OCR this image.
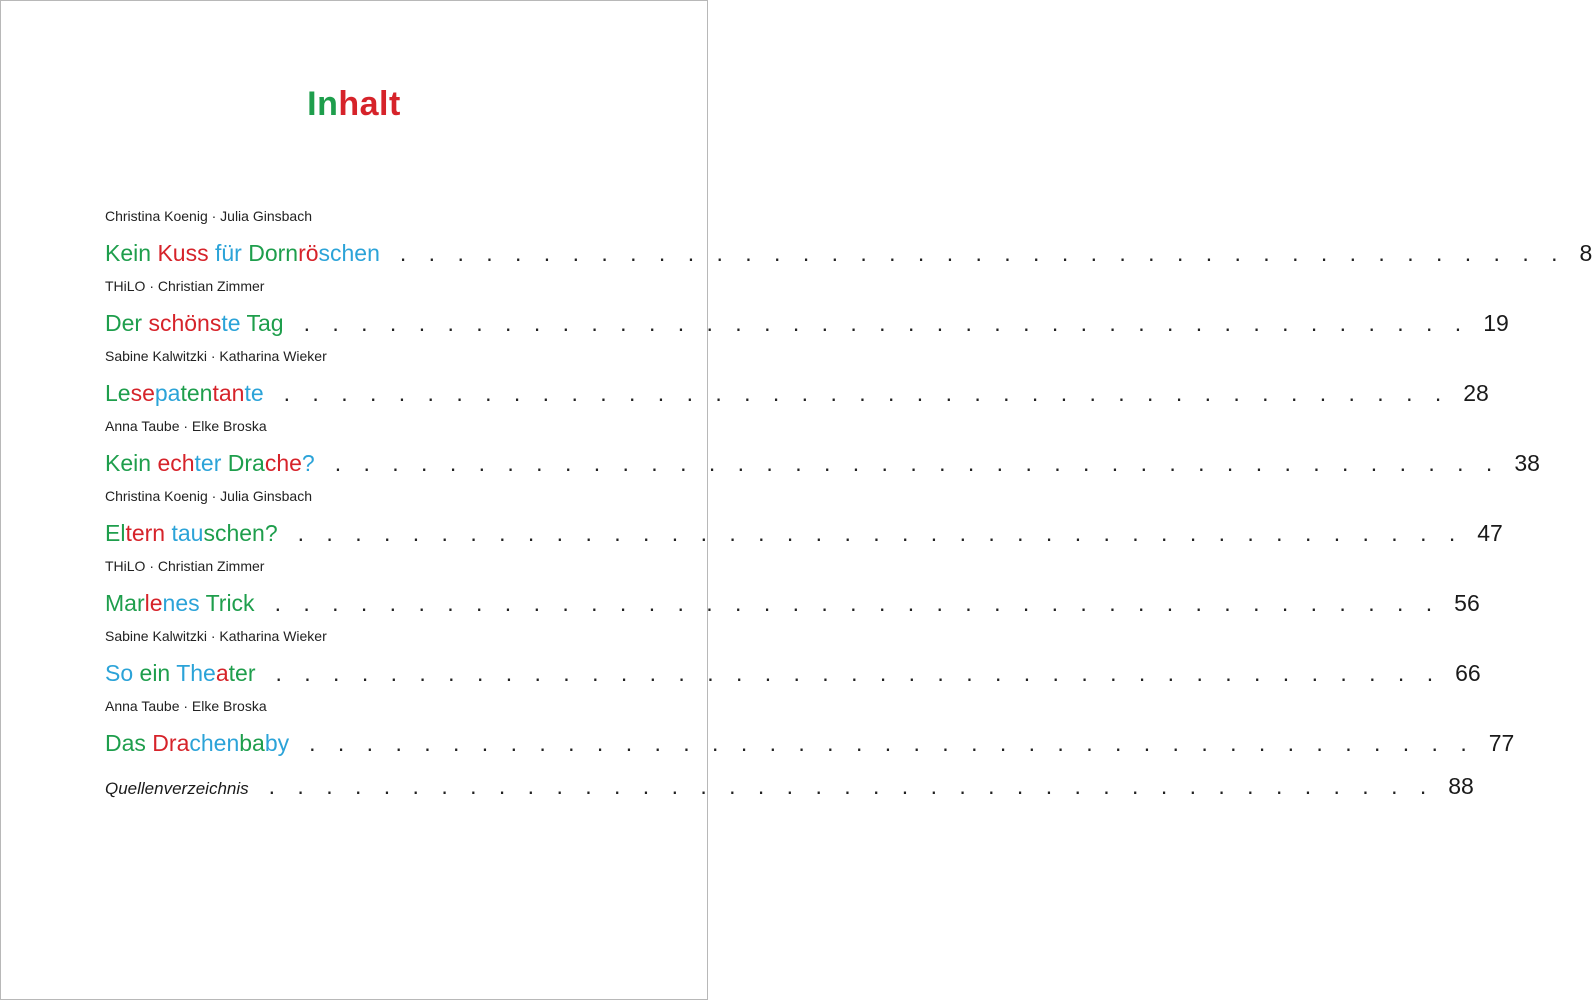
Inhalt
Christina Koenig · Julia Ginsbach
Kein Kuss für Dornröschen . . . . . . . . . . . . . . . . . . . . . . . . . . . . . . . . . . . . . . . . . 8
THiLO · Christian Zimmer
Der schönste Tag . . . . . . . . . . . . . . . . . . . . . . . . . . . . . . . . . . . . . . . . . 19
Sabine Kalwitzki · Katharina Wieker
Lesepatentante . . . . . . . . . . . . . . . . . . . . . . . . . . . . . . . . . . . . . . . . . 28
Anna Taube · Elke Broska
Kein echter Drache? . . . . . . . . . . . . . . . . . . . . . . . . . . . . . . . . . . . . . . . . . 38
Christina Koenig · Julia Ginsbach
Eltern tauschen? . . . . . . . . . . . . . . . . . . . . . . . . . . . . . . . . . . . . . . . . . 47
THiLO · Christian Zimmer
Marlenes Trick . . . . . . . . . . . . . . . . . . . . . . . . . . . . . . . . . . . . . . . . . 56
Sabine Kalwitzki · Katharina Wieker
So ein Theater . . . . . . . . . . . . . . . . . . . . . . . . . . . . . . . . . . . . . . . . . 66
Anna Taube · Elke Broska
Das Drachenbaby . . . . . . . . . . . . . . . . . . . . . . . . . . . . . . . . . . . . . . . . . 77
Quellenverzeichnis . . . . . . . . . . . . . . . . . . . . . . . . . . . . . . . . . . . . . . . . . 88
